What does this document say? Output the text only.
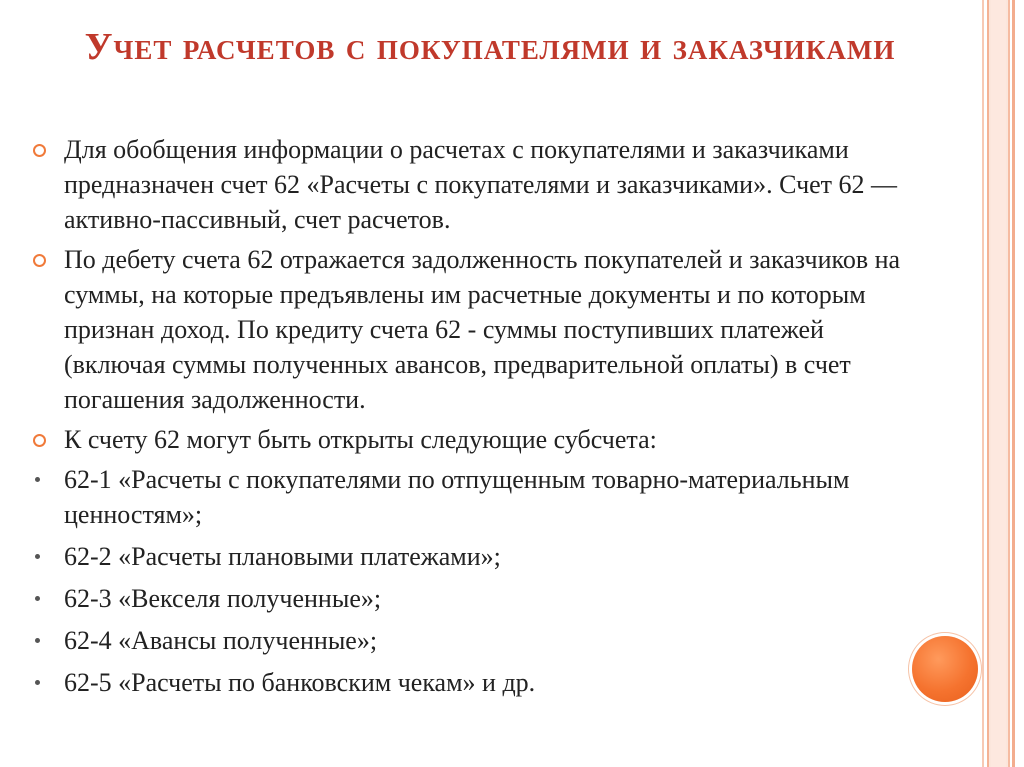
Учет расчетов с покупателями и заказчиками
Для обобщения информации о расчетах с покупателями и заказчиками предназначен счет 62 «Расчеты с покупателями и заказчиками». Счет 62 — активно-пассивный, счет расчетов.
По дебету счета 62 отражается задолженность покупателей и заказчиков на суммы, на которые предъявлены им расчетные документы и по которым признан доход. По кредиту счета 62 - суммы поступивших платежей (включая суммы полученных авансов, предварительной оплаты) в счет погашения задолженности.
К счету 62 могут быть открыты следующие субсчета:
62-1 «Расчеты с покупателями по отпущенным товарно-материальным ценностям»;
62-2 «Расчеты плановыми платежами»;
62-3 «Векселя полученные»;
62-4 «Авансы полученные»;
62-5 «Расчеты по банковским чекам» и др.
